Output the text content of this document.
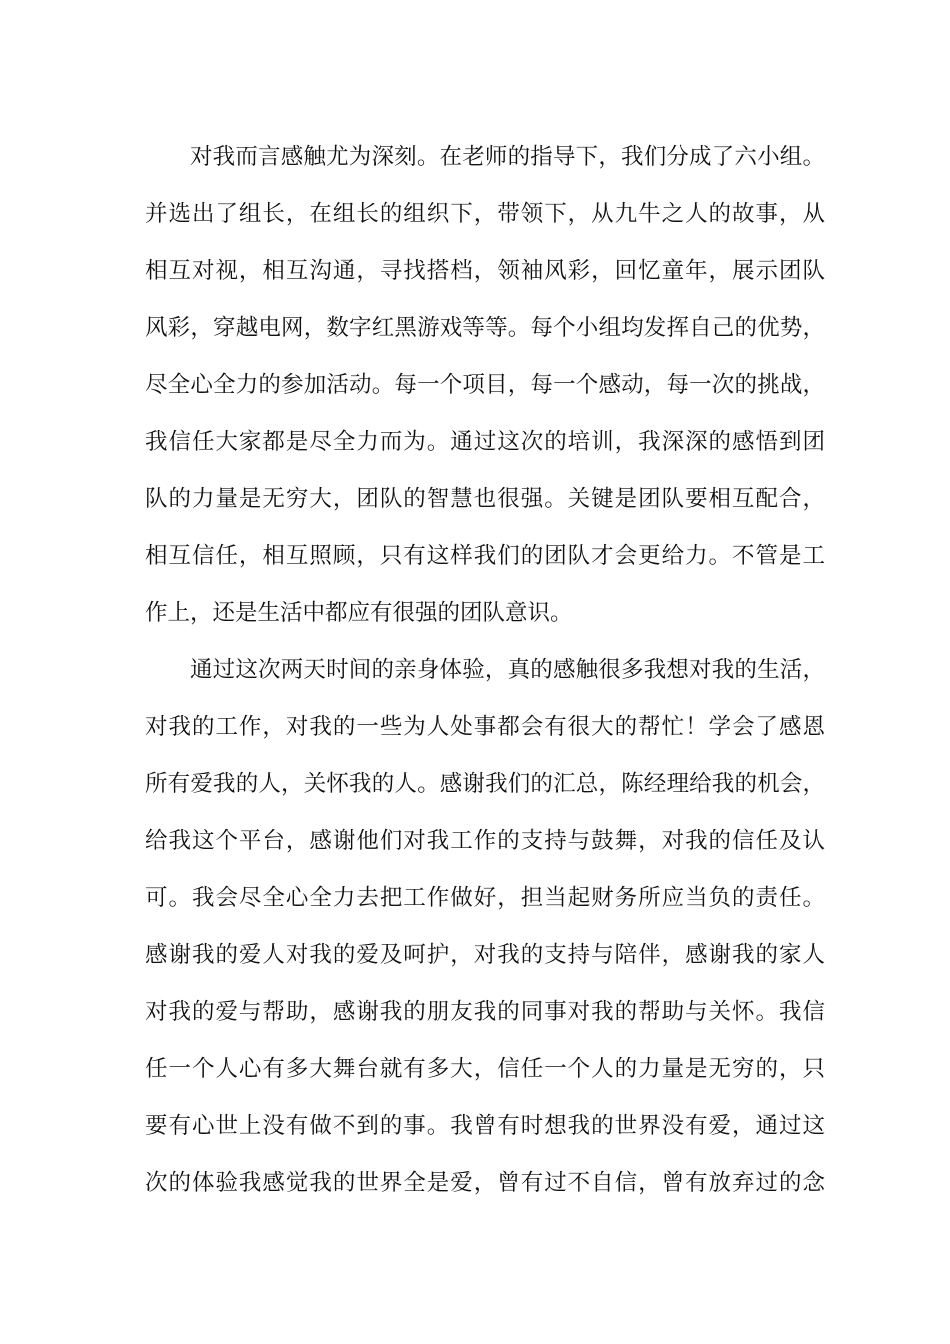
对我而言感触尤为深刻。在老师的指导下，我们分成了六小组。
并选出了组长，在组长的组织下，带领下，从九牛之人的故事，从
相互对视，相互沟通，寻找搭档，领袖风彩，回忆童年，展示团队
风彩，穿越电网，数字红黑游戏等等。每个小组均发挥自己的优势，
尽全心全力的参加活动。每一个项目，每一个感动，每一次的挑战，
我信任大家都是尽全力而为。通过这次的培训，我深深的感悟到团
队的力量是无穷大，团队的智慧也很强。关键是团队要相互配合，
相互信任，相互照顾，只有这样我们的团队才会更给力。不管是工
作上，还是生活中都应有很强的团队意识。
通过这次两天时间的亲身体验，真的感触很多我想对我的生活，
对我的工作，对我的一些为人处事都会有很大的帮忙！学会了感恩
所有爱我的人，关怀我的人。感谢我们的汇总，陈经理给我的机会，
给我这个平台，感谢他们对我工作的支持与鼓舞，对我的信任及认
可。我会尽全心全力去把工作做好，担当起财务所应当负的责任。
感谢我的爱人对我的爱及呵护，对我的支持与陪伴，感谢我的家人
对我的爱与帮助，感谢我的朋友我的同事对我的帮助与关怀。我信
任一个人心有多大舞台就有多大，信任一个人的力量是无穷的，只
要有心世上没有做不到的事。我曾有时想我的世界没有爱，通过这
次的体验我感觉我的世界全是爱，曾有过不自信，曾有放弃过的念
